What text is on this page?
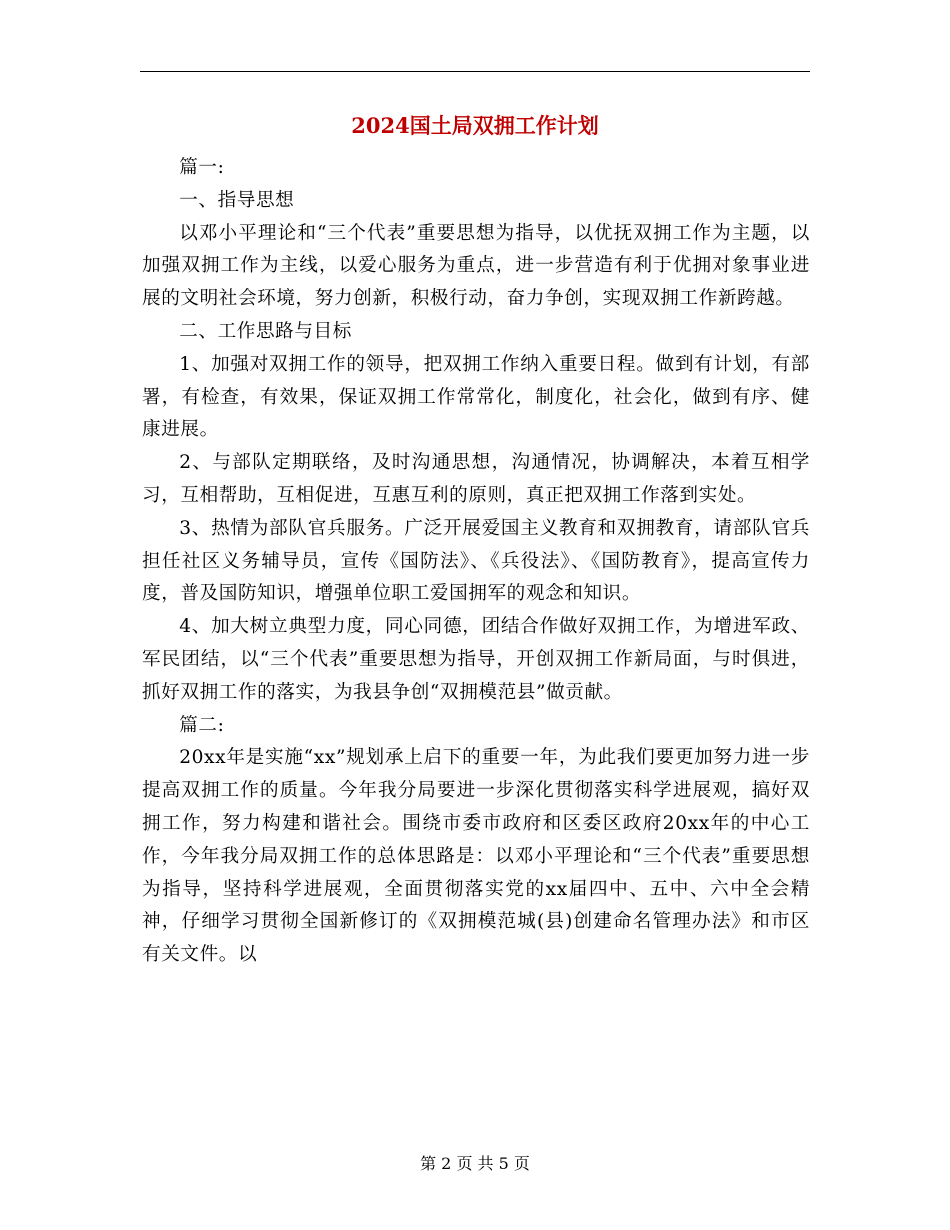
2024国土局双拥工作计划

篇一:

一、指导思想

以邓小平理论和“三个代表”重要思想为指导，以优抚双拥工作为主题，以加强双拥工作为主线，以爱心服务为重点，进一步营造有利于优拥对象事业进展的文明社会环境，努力创新，积极行动，奋力争创，实现双拥工作新跨越。

二、工作思路与目标

1、加强对双拥工作的领导，把双拥工作纳入重要日程。做到有计划，有部署，有检查，有效果，保证双拥工作常常化，制度化，社会化，做到有序、健康进展。

2、与部队定期联络，及时沟通思想，沟通情况，协调解决，本着互相学习，互相帮助，互相促进，互惠互利的原则，真正把双拥工作落到实处。

3、热情为部队官兵服务。广泛开展爱国主义教育和双拥教育，请部队官兵担任社区义务辅导员，宣传《国防法》、《兵役法》、《国防教育》，提高宣传力度，普及国防知识，增强单位职工爱国拥军的观念和知识。

4、加大树立典型力度，同心同德，团结合作做好双拥工作，为增进军政、军民团结，以“三个代表”重要思想为指导，开创双拥工作新局面，与时俱进，抓好双拥工作的落实，为我县争创“双拥模范县”做贡献。

篇二:

20xx年是实施“xx”规划承上启下的重要一年，为此我们要更加努力进一步提高双拥工作的质量。今年我分局要进一步深化贯彻落实科学进展观，搞好双拥工作，努力构建和谐社会。围绕市委市政府和区委区政府20xx年的中心工作，今年我分局双拥工作的总体思路是：以邓小平理论和“三个代表”重要思想为指导，坚持科学进展观，全面贯彻落实党的xx届四中、五中、六中全会精神，仔细学习贯彻全国新修订的《双拥模范城(县)创建命名管理办法》和市区有关文件。以

第 2 页 共 5 页
